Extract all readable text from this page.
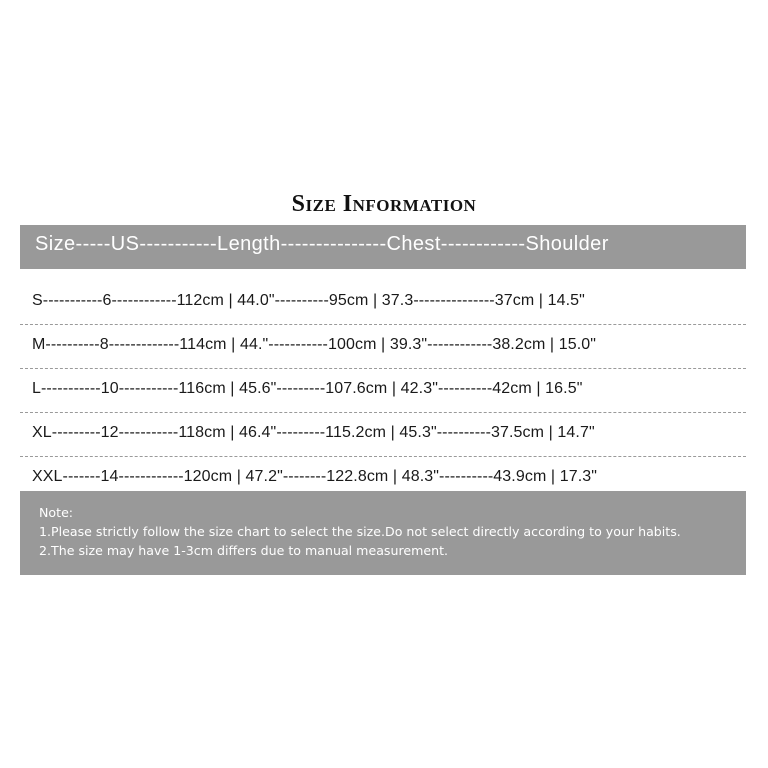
Size Information
Size-----US-----------Length---------------Chest------------Shoulder
S-----------6------------112cm | 44.0"----------95cm | 37.3---------------37cm | 14.5"
M----------8-------------114cm | 44."-----------100cm | 39.3"------------38.2cm | 15.0"
L-----------10-----------116cm | 45.6"---------107.6cm | 42.3"----------42cm | 16.5"
XL---------12-----------118cm | 46.4"---------115.2cm | 45.3"----------37.5cm | 14.7"
XXL-------14------------120cm | 47.2"--------122.8cm | 48.3"----------43.9cm | 17.3"
Note:
1.Please strictly follow the size chart to select the size.Do not select directly according to your habits.
2.The size may have 1-3cm differs due to manual measurement.
